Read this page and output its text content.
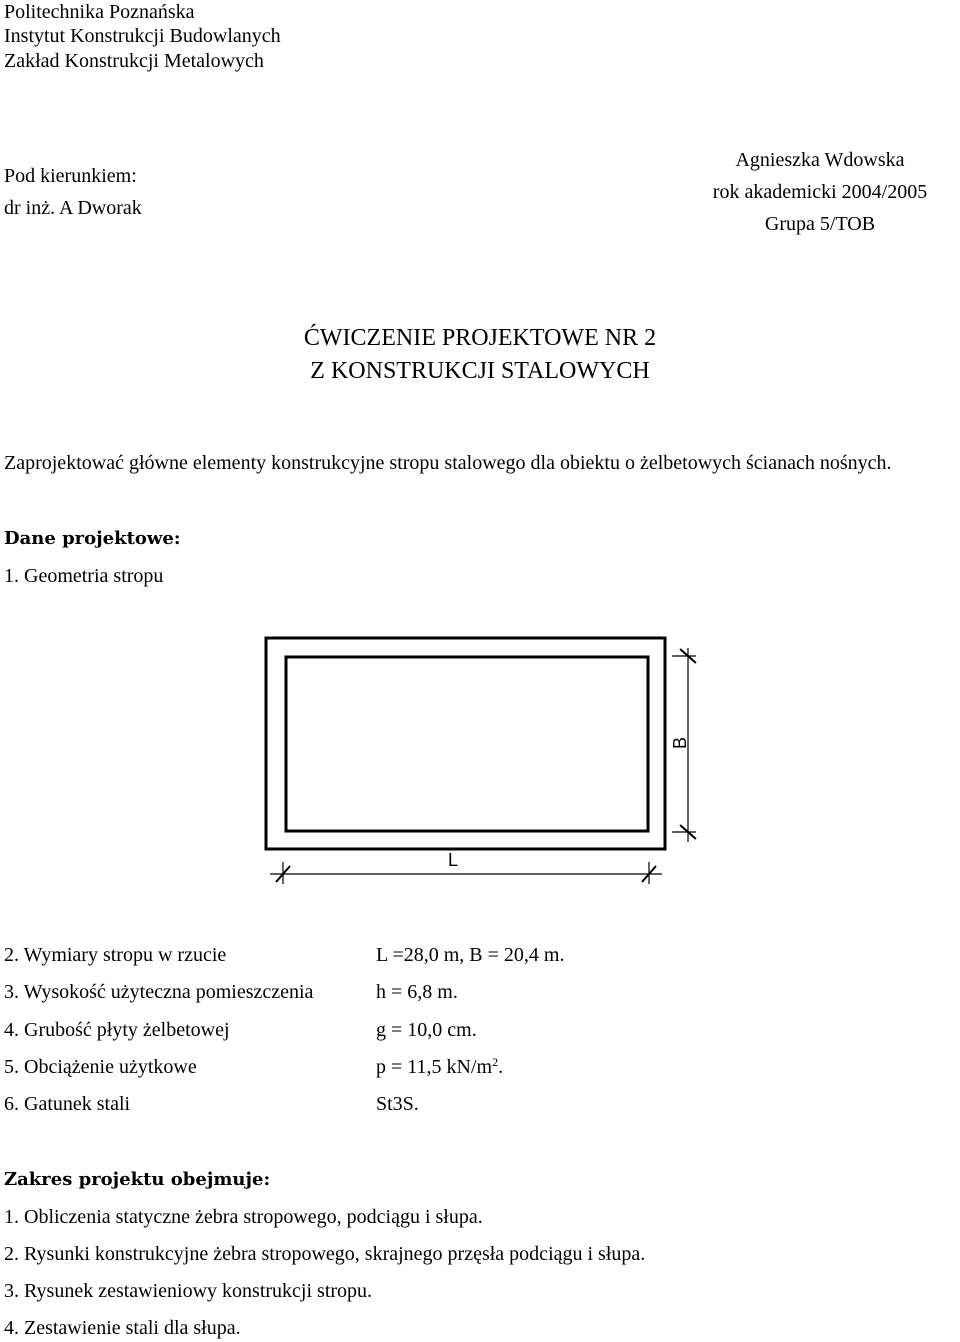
Politechnika Poznańska
Instytut Konstrukcji Budowlanych
Zakład Konstrukcji Metalowych
Pod kierunkiem:
dr inż. A Dworak
Agnieszka Wdowska
rok akademicki 2004/2005
Grupa 5/TOB
ĆWICZENIE PROJEKTOWE NR 2
Z KONSTRUKCJI STALOWYCH
Zaprojektować główne elementy konstrukcyjne stropu stalowego dla obiektu o żelbetowych ścianach nośnych.
Dane projektowe:
1. Geometria stropu
B
L
2. Wymiary stropu w rzucie	L =28,0 m, B = 20,4 m.
3. Wysokość użyteczna pomieszczenia	h = 6,8 m.
4. Grubość płyty żelbetowej	g = 10,0 cm.
5. Obciążenie użytkowe	p = 11,5 $kN/m^2$.
6. Gatunek stali	St3S.
Zakres projektu obejmuje:
1. Obliczenia statyczne żebra stropowego, podciągu i słupa.
2. Rysunki konstrukcyjne żebra stropowego, skrajnego przęsła podciągu i słupa.
3. Rysunek zestawieniowy konstrukcji stropu.
4. Zestawienie stali dla słupa.
